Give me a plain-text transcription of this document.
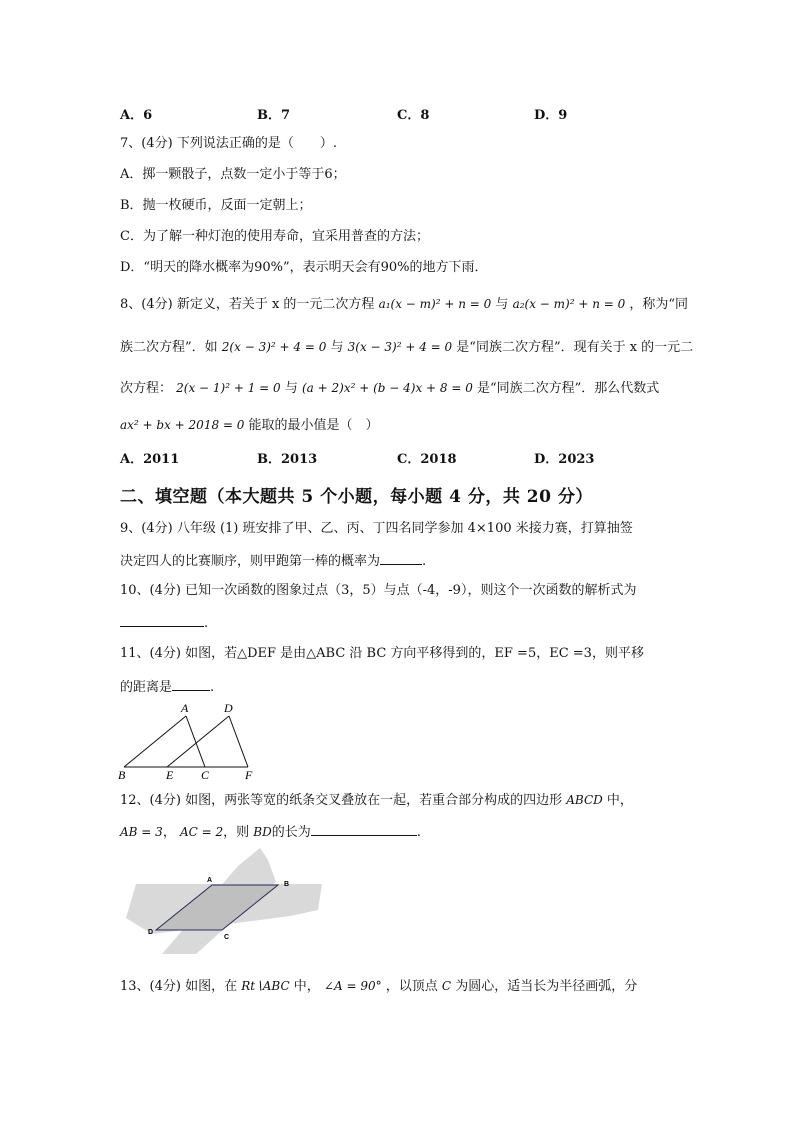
A．6	B．7	C．8	D．9
7、(4分) 下列说法正确的是（　　）.
A．掷一颗骰子，点数一定小于等于6；
B．抛一枚硬币，反面一定朝上；
C．为了解一种灯泡的使用寿命，宜采用普查的方法；
D．“明天的降水概率为90%”，表示明天会有90%的地方下雨．
8、(4分) 新定义，若关于 x 的一元二次方程 a₁(x − m)² + n = 0 与 a₂(x − m)² + n = 0 ，称为“同
族二次方程”．如 2(x − 3)² + 4 = 0 与 3(x − 3)² + 4 = 0 是“同族二次方程”．现有关于 x 的一元二
次方程： 2(x − 1)² + 1 = 0 与 (a + 2)x² + (b − 4)x + 8 = 0 是“同族二次方程”．那么代数式
ax² + bx + 2018 = 0 能取的最小值是（　）
A．2011	B．2013	C．2018	D．2023
二、填空题（本大题共 5 个小题，每小题 4 分，共 20 分）
9、(4分) 八年级 (1) 班安排了甲、乙、丙、丁四名同学参加 4×100 米接力赛，打算抽签
决定四人的比赛顺序，则甲跑第一棒的概率为	.
10、(4分) 已知一次函数的图象过点（3，5）与点（-4，-9），则这个一次函数的解析式为
.
11、(4分) 如图，若△DEF 是由△ABC 沿 BC 方向平移得到的，EF =5，EC =3，则平移
的距离是	.
A	D
B	E C	F
12、(4分) 如图，两张等宽的纸条交叉叠放在一起，若重合部分构成的四边形 ABCD 中，
AB = 3， AC = 2，则 BD的长为	.
A
B
C
D
13、(4分) 如图，在 Rt∖ABC 中， ∠A = 90° ，以顶点 C 为圆心，适当长为半径画弧，分
